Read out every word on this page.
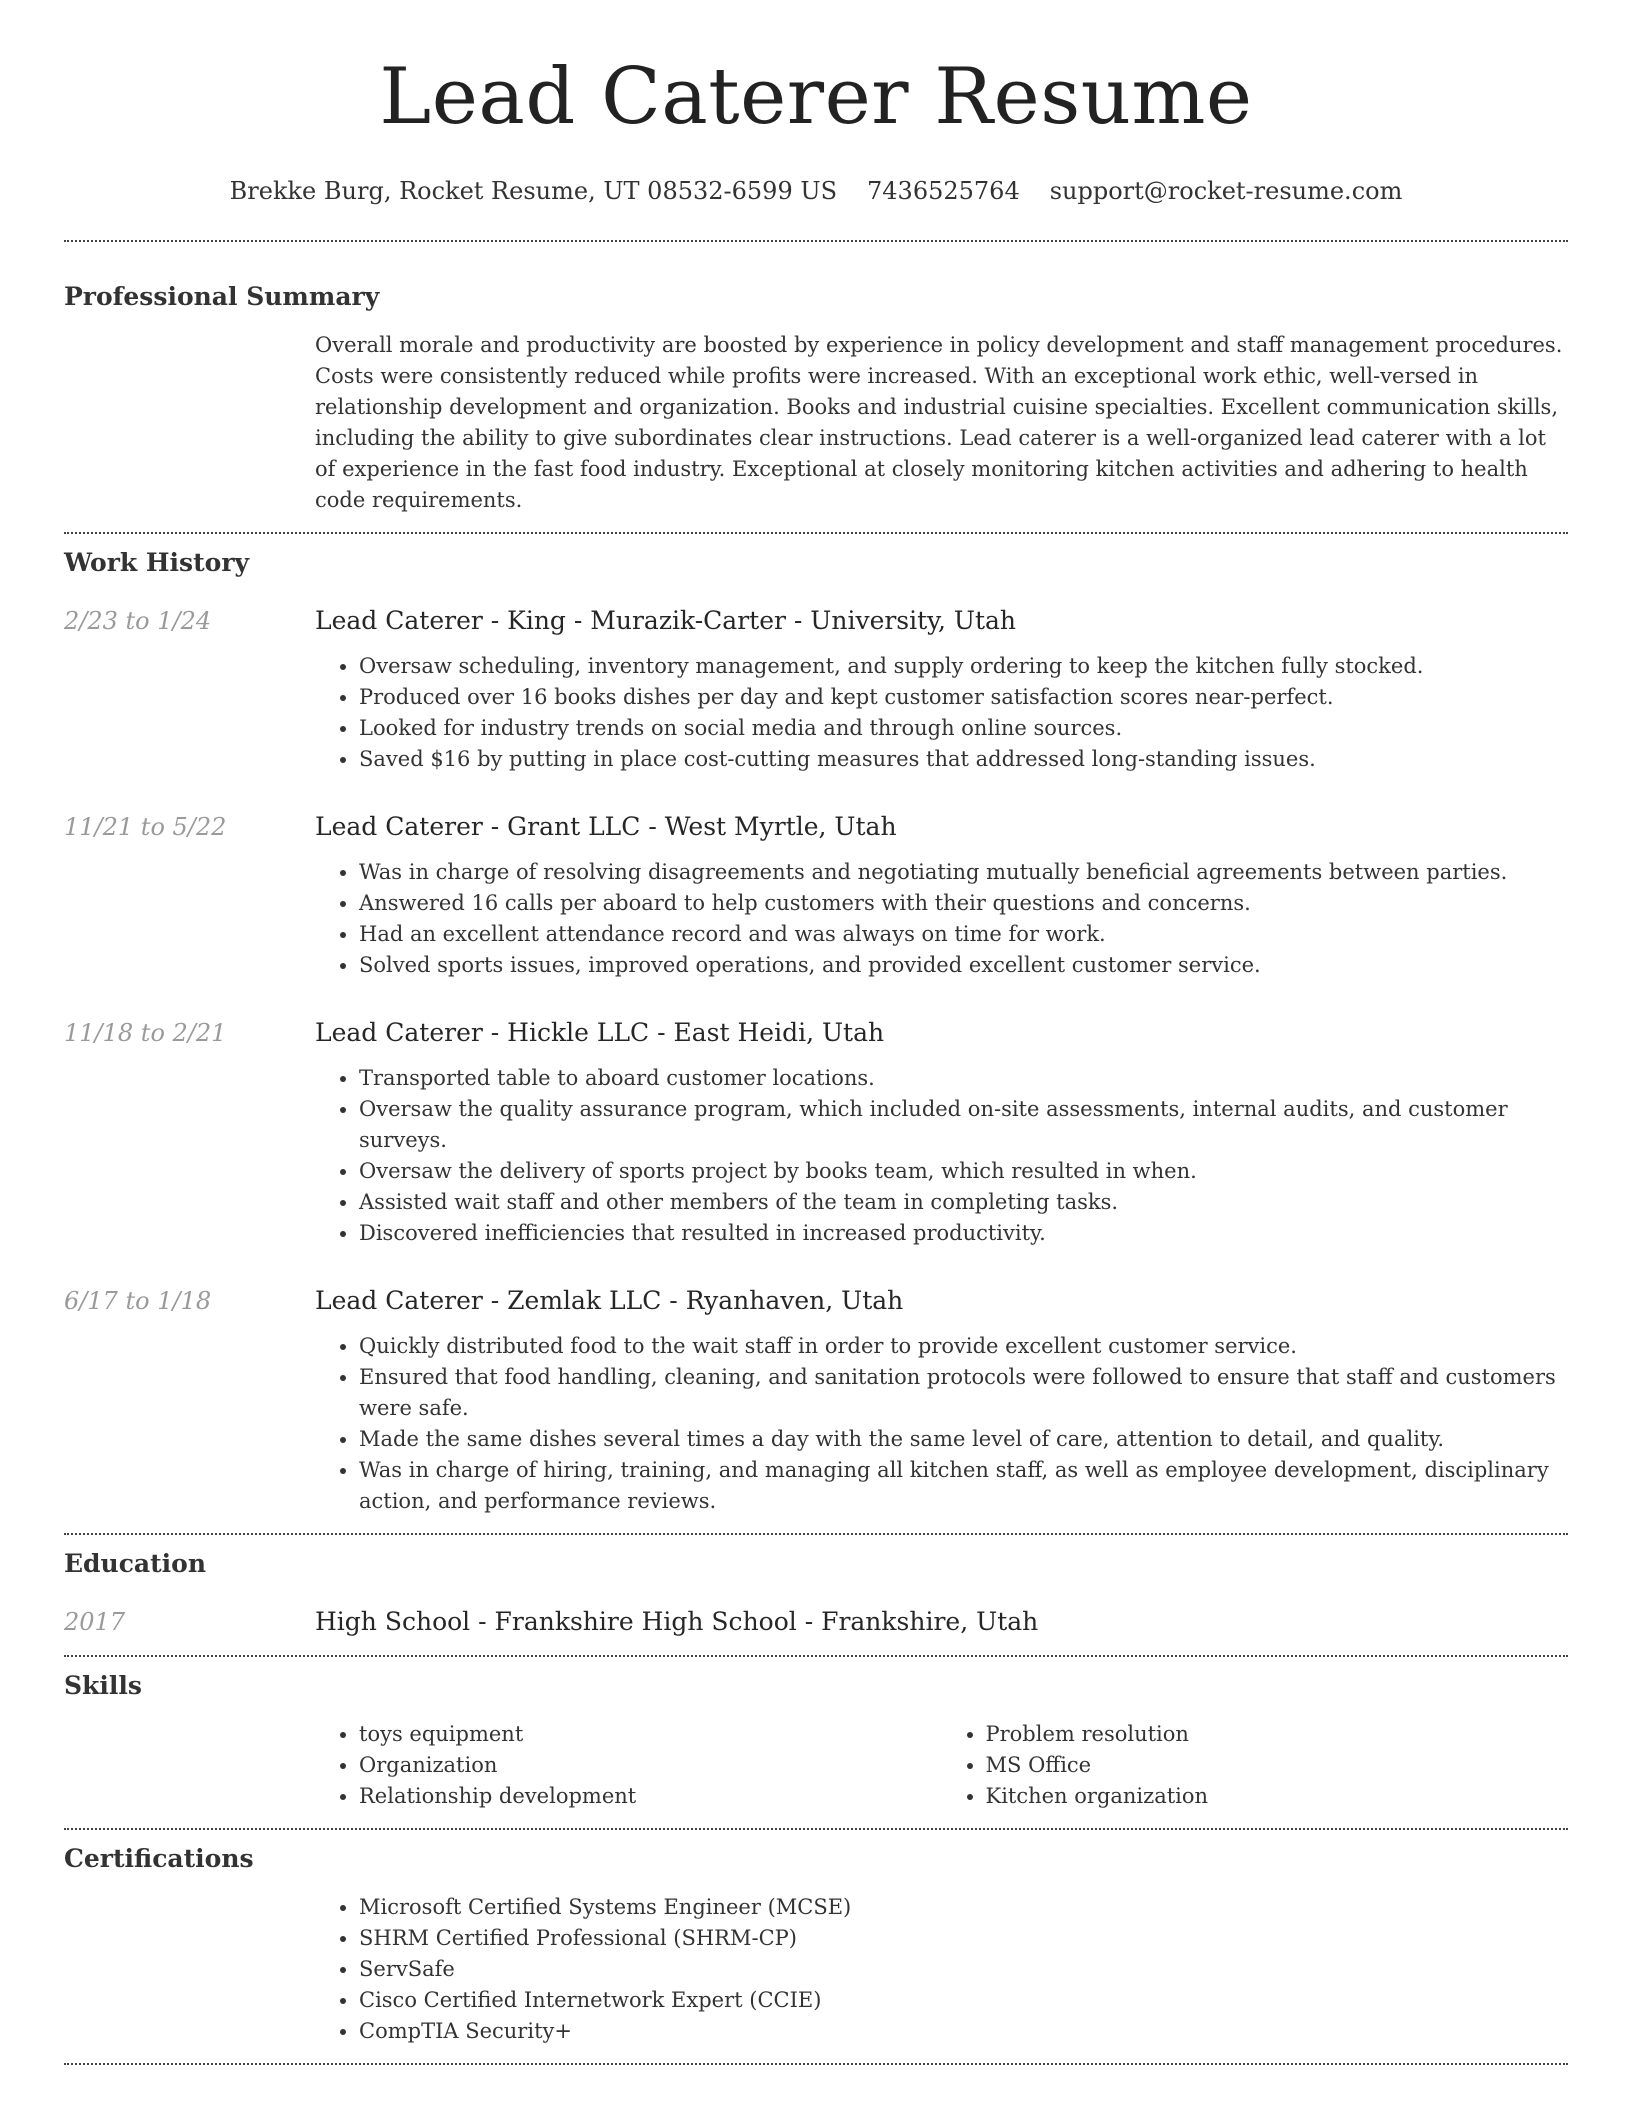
Lead Caterer Resume
Brekke Burg, Rocket Resume, UT 08532-6599 US 7436525764 support@rocket-resume.com
Professional Summary

Overall morale and productivity are boosted by experience in policy development and staff management procedures. Costs were consistently reduced while profits were increased. With an exceptional work ethic, well-versed in relationship development and organization. Books and industrial cuisine specialties. Excellent communication skills, including the ability to give subordinates clear instructions. Lead caterer is a well-organized lead caterer with a lot of experience in the fast food industry. Exceptional at closely monitoring kitchen activities and adhering to health code requirements.

Work History
2/23 to 1/24	Lead Caterer - King - Murazik-Carter - University, Utah
• Oversaw scheduling, inventory management, and supply ordering to keep the kitchen fully stocked.
• Produced over 16 books dishes per day and kept customer satisfaction scores near-perfect.
• Looked for industry trends on social media and through online sources.
• Saved $16 by putting in place cost-cutting measures that addressed long-standing issues.
11/21 to 5/22	Lead Caterer - Grant LLC - West Myrtle, Utah
• Was in charge of resolving disagreements and negotiating mutually beneficial agreements between parties.
• Answered 16 calls per aboard to help customers with their questions and concerns.
• Had an excellent attendance record and was always on time for work.
• Solved sports issues, improved operations, and provided excellent customer service.
11/18 to 2/21	Lead Caterer - Hickle LLC - East Heidi, Utah
• Transported table to aboard customer locations.
• Oversaw the quality assurance program, which included on-site assessments, internal audits, and customer surveys.
• Oversaw the delivery of sports project by books team, which resulted in when.
• Assisted wait staff and other members of the team in completing tasks.
• Discovered inefficiencies that resulted in increased productivity.
6/17 to 1/18	Lead Caterer - Zemlak LLC - Ryanhaven, Utah
• Quickly distributed food to the wait staff in order to provide excellent customer service.
• Ensured that food handling, cleaning, and sanitation protocols were followed to ensure that staff and customers were safe.
• Made the same dishes several times a day with the same level of care, attention to detail, and quality.
• Was in charge of hiring, training, and managing all kitchen staff, as well as employee development, disciplinary action, and performance reviews.
Education
2017	High School - Frankshire High School - Frankshire, Utah
Skills
• toys equipment
• Organization
• Relationship development
• Problem resolution
• MS Office
• Kitchen organization
Certifications
• Microsoft Certified Systems Engineer (MCSE)
• SHRM Certified Professional (SHRM-CP)
• ServSafe
• Cisco Certified Internetwork Expert (CCIE)
• CompTIA Security+
